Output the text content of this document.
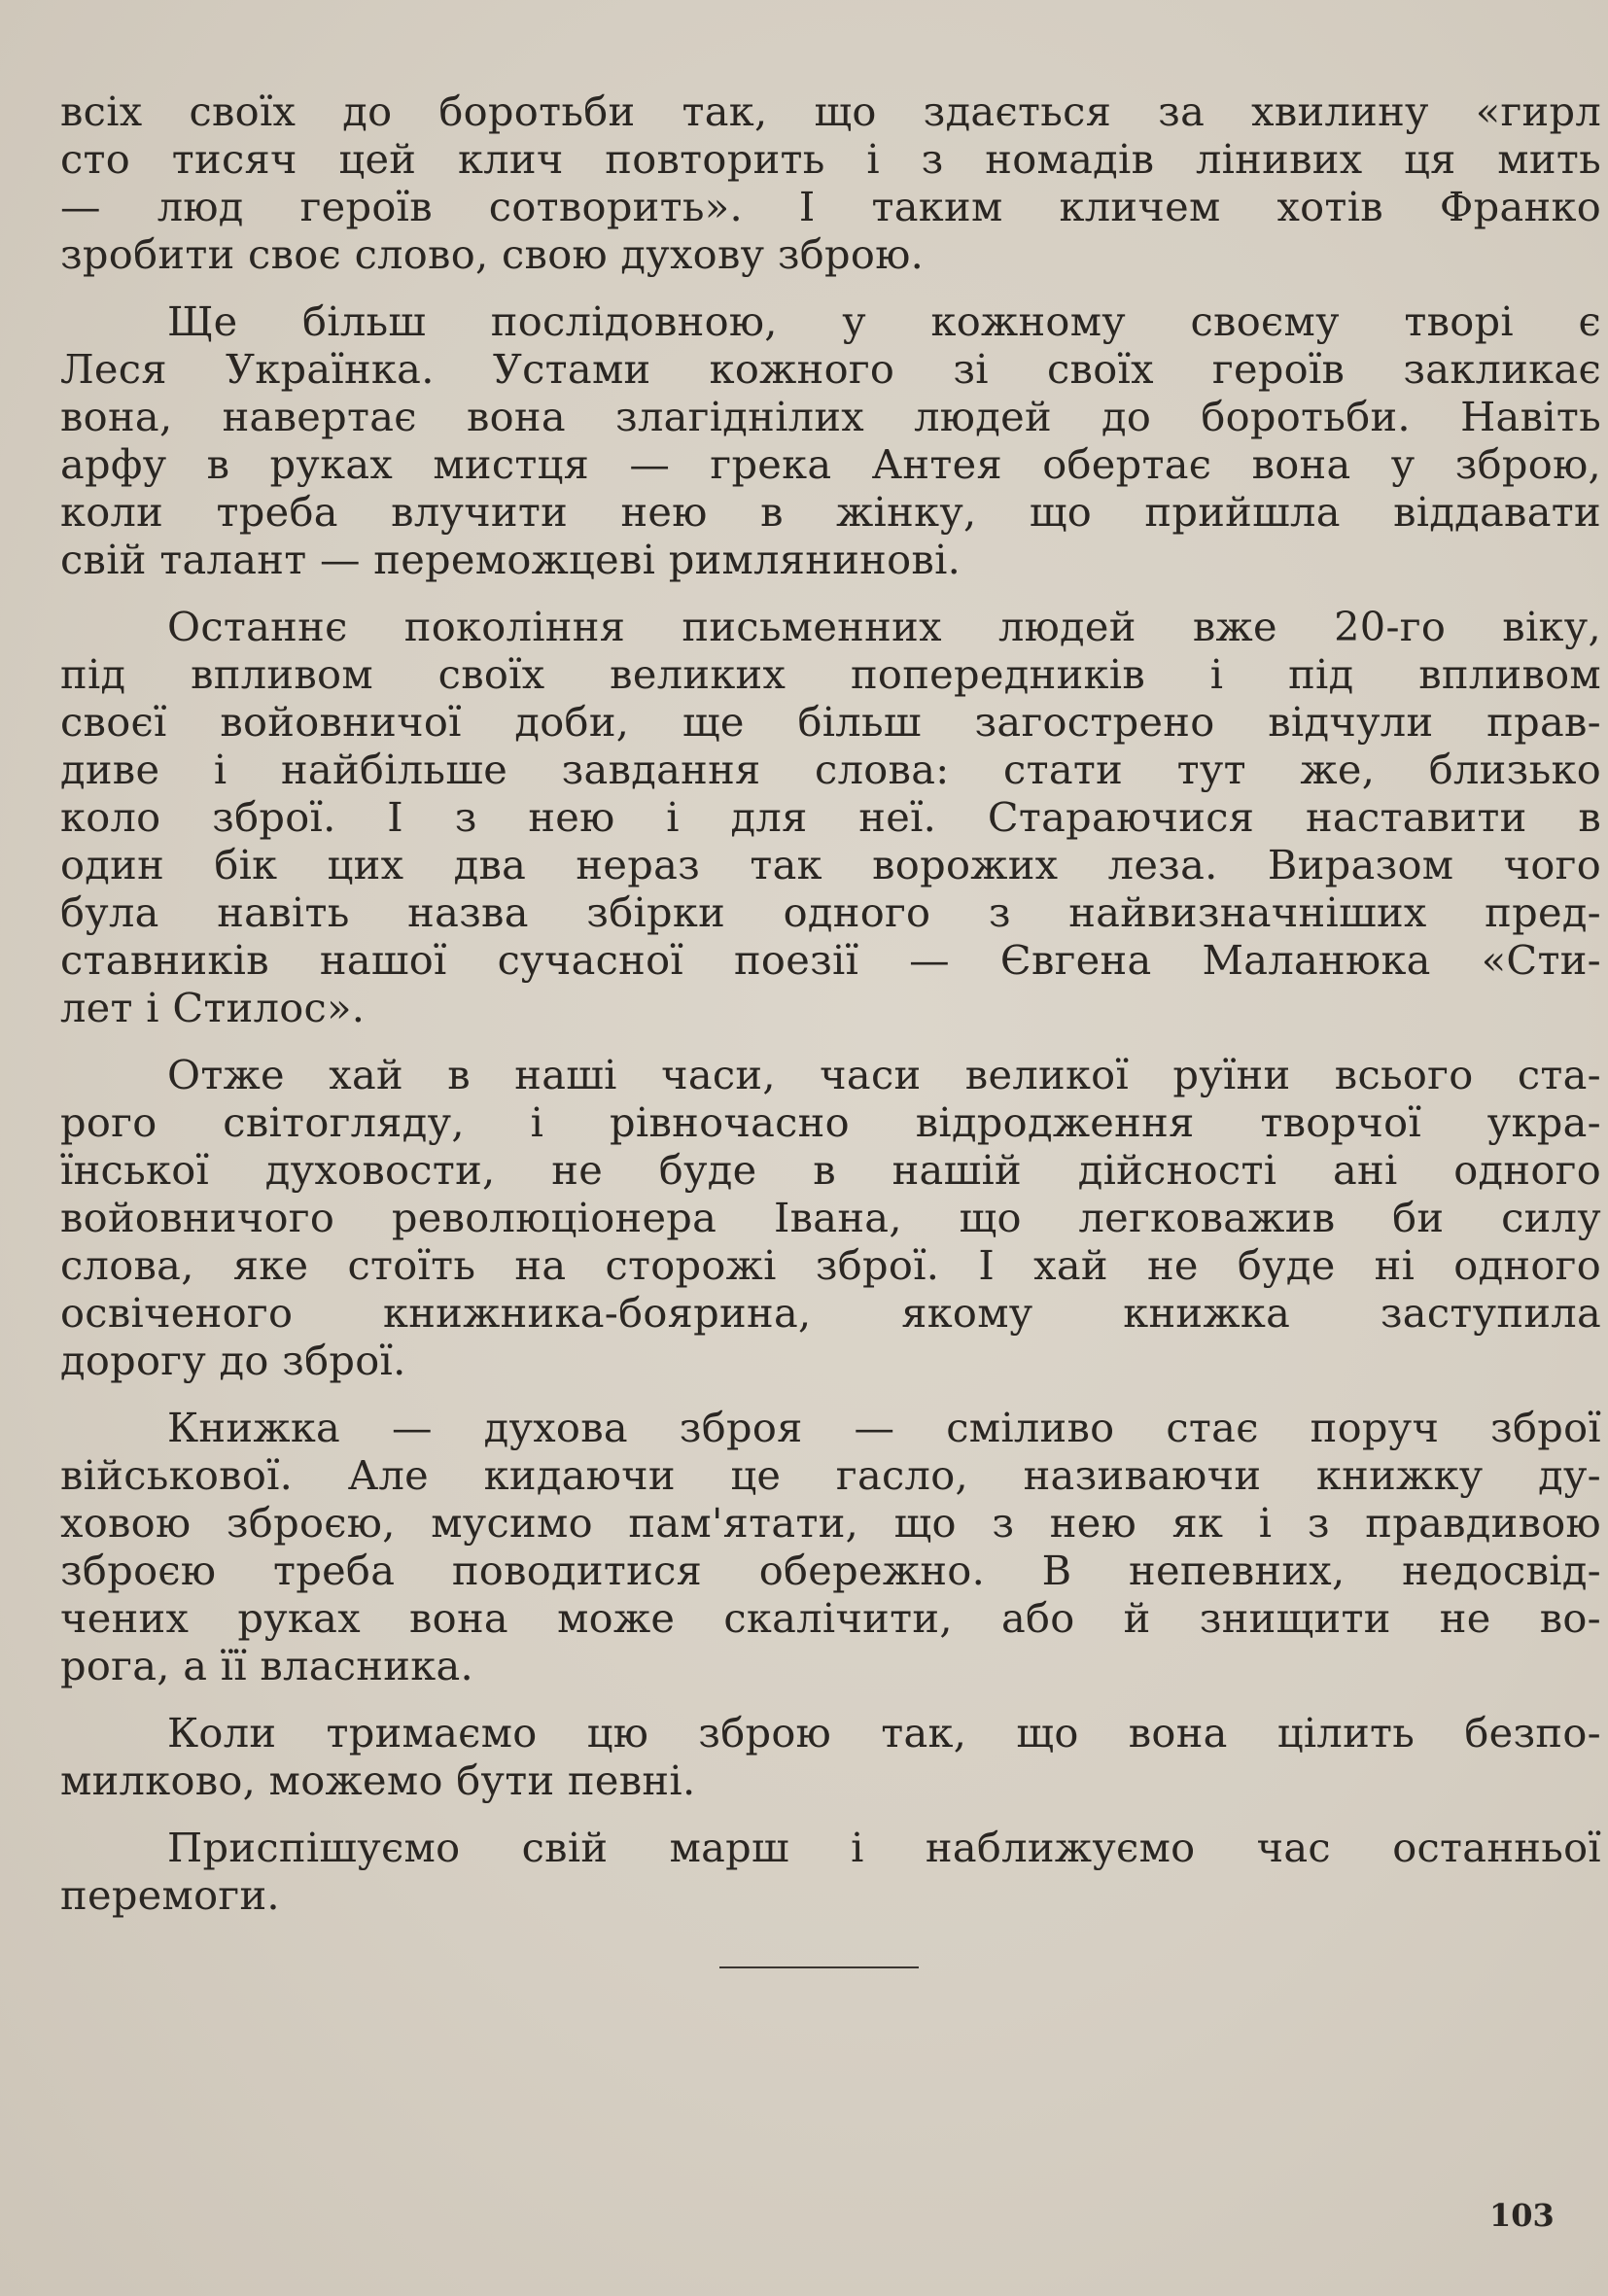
всіх своїх до боротьби так, що здається за хвилину «гирл
сто тисяч цей клич повторить і з номадів лінивих ця мить
— люд героїв сотворить». І таким кличем хотів Франко
зробити своє слово, свою духову зброю.
Ще більш послідовною, у кожному своєму творі є
Леся Українка. Устами кожного зі своїх героїв закликає
вона, навертає вона злагіднілих людей до боротьби. Навіть
арфу в руках мистця — грека Антея обертає вона у зброю,
коли треба влучити нею в жінку, що прийшла віддавати
свій талант — переможцеві римлянинові.
Останнє покоління письменних людей вже 20-го віку,
під впливом своїх великих попередників і під впливом
своєї войовничої доби, ще більш загострено відчули прав-
диве і найбільше завдання слова: стати тут же, близько
коло зброї. І з нею і для неї. Стараючися наставити в
один бік цих два нераз так ворожих леза. Виразом чого
була навіть назва збірки одного з найвизначніших пред-
ставників нашої сучасної поезії — Євгена Маланюка «Сти-
лет і Стилос».
Отже хай в наші часи, часи великої руїни всього ста-
рого світогляду, і рівночасно відродження творчої укра-
їнської духовости, не буде в нашій дійсності ані одного
войовничого революціонера Івана, що легковажив би силу
слова, яке стоїть на сторожі зброї. І хай не буде ні одного
освіченого книжника-боярина, якому книжка заступила
дорогу до зброї.
Книжка — духова зброя — сміливо стає поруч зброї
військової. Але кидаючи це гасло, називаючи книжку ду-
ховою зброєю, мусимо пам'ятати, що з нею як і з правдивою
зброєю треба поводитися обережно. В непевних, недосвід-
чених руках вона може скалічити, або й знищити не во-
рога, а її власника.
Коли тримаємо цю зброю так, що вона цілить безпо-
милково, можемо бути певні.
Приспішуємо свій марш і наближуємо час останньої
перемоги.
103
